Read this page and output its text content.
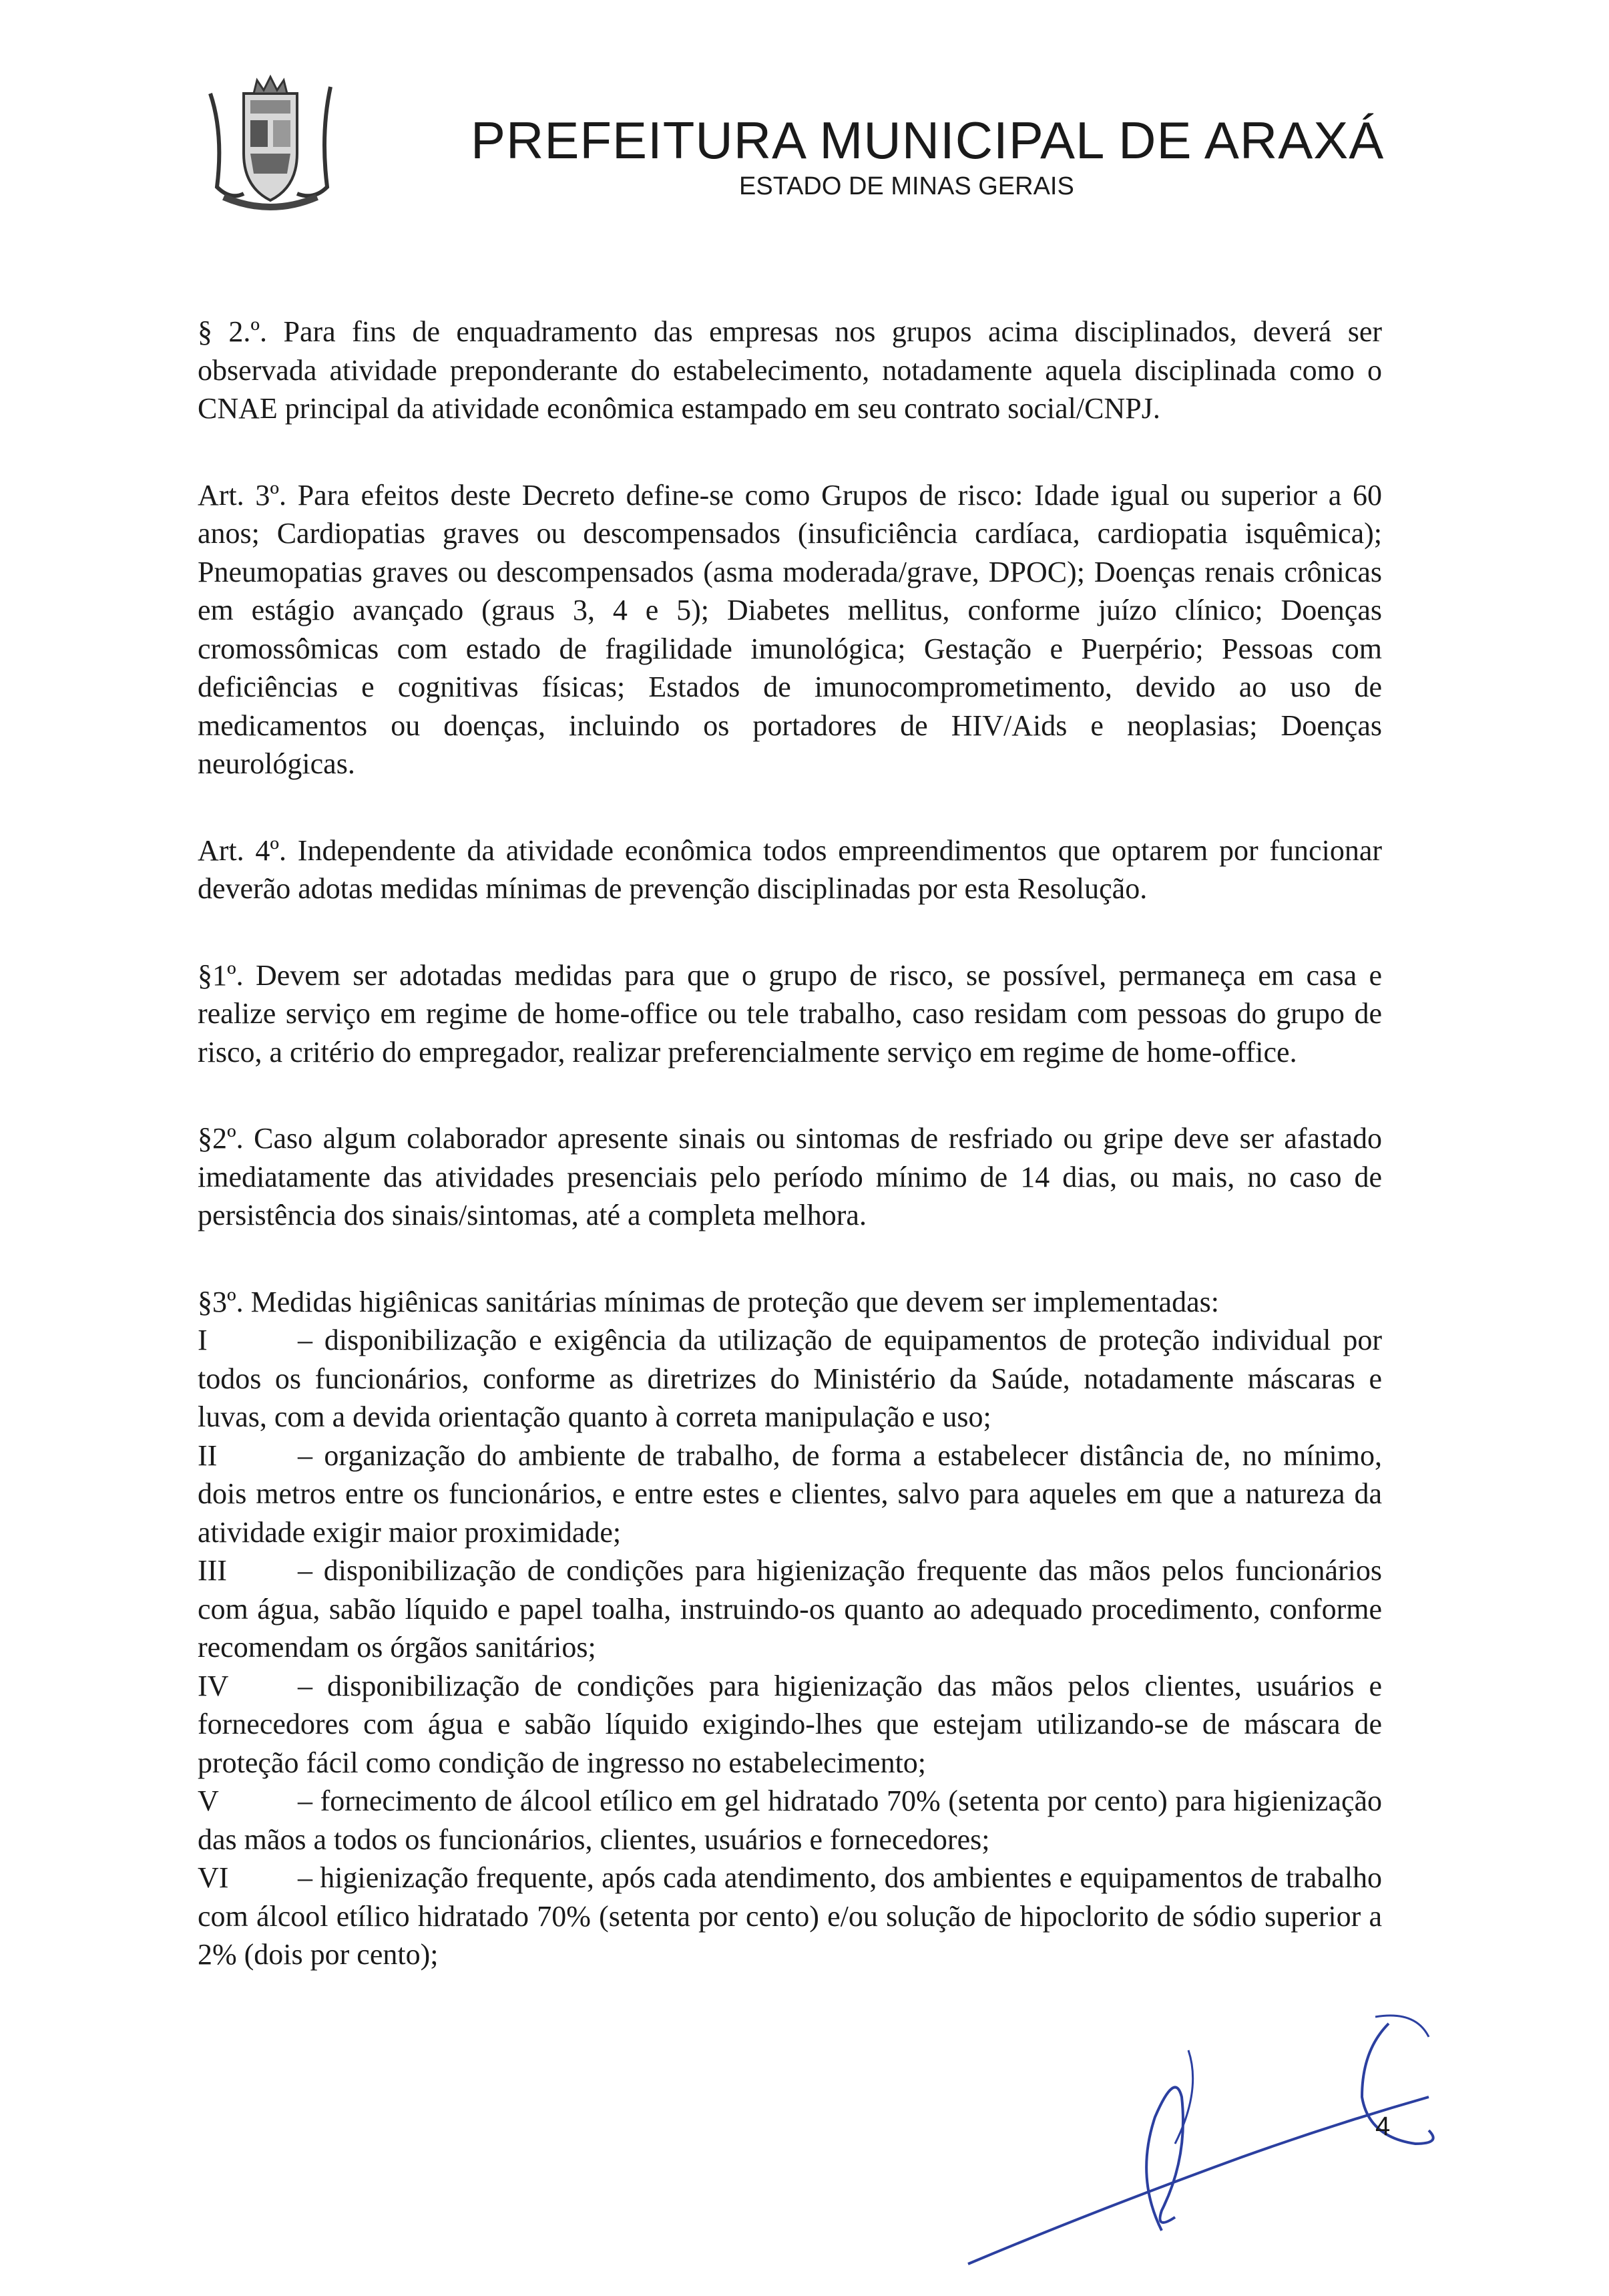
PREFEITURA MUNICIPAL DE ARAXÁ
ESTADO DE MINAS GERAIS

§ 2.º. Para fins de enquadramento das empresas nos grupos acima disciplinados, deverá ser observada atividade preponderante do estabelecimento, notadamente aquela disciplinada como o CNAE principal da atividade econômica estampado em seu contrato social/CNPJ.

Art. 3º. Para efeitos deste Decreto define-se como Grupos de risco: Idade igual ou superior a 60 anos; Cardiopatias graves ou descompensados (insuficiência cardíaca, cardiopatia isquêmica); Pneumopatias graves ou descompensados (asma moderada/grave, DPOC); Doenças renais crônicas em estágio avançado (graus 3, 4 e 5); Diabetes mellitus, conforme juízo clínico; Doenças cromossômicas com estado de fragilidade imunológica; Gestação e Puerpério; Pessoas com deficiências e cognitivas físicas; Estados de imunocomprometimento, devido ao uso de medicamentos ou doenças, incluindo os portadores de HIV/Aids e neoplasias; Doenças neurológicas.

Art. 4º. Independente da atividade econômica todos empreendimentos que optarem por funcionar deverão adotas medidas mínimas de prevenção disciplinadas por esta Resolução.

§1º. Devem ser adotadas medidas para que o grupo de risco, se possível, permaneça em casa e realize serviço em regime de home-office ou tele trabalho, caso residam com pessoas do grupo de risco, a critério do empregador, realizar preferencialmente serviço em regime de home-office.

§2º. Caso algum colaborador apresente sinais ou sintomas de resfriado ou gripe deve ser afastado imediatamente das atividades presenciais pelo período mínimo de 14 dias, ou mais, no caso de persistência dos sinais/sintomas, até a completa melhora.

§3º. Medidas higiênicas sanitárias mínimas de proteção que devem ser implementadas:

I	– disponibilização e exigência da utilização de equipamentos de proteção individual por todos os funcionários, conforme as diretrizes do Ministério da Saúde, notadamente máscaras e luvas, com a devida orientação quanto à correta manipulação e uso;
II	– organização do ambiente de trabalho, de forma a estabelecer distância de, no mínimo, dois metros entre os funcionários, e entre estes e clientes, salvo para aqueles em que a natureza da atividade exigir maior proximidade;
III – disponibilização de condições para higienização frequente das mãos pelos funcionários com água, sabão líquido e papel toalha, instruindo-os quanto ao adequado procedimento, conforme recomendam os órgãos sanitários;
IV – disponibilização de condições para higienização das mãos pelos clientes, usuários e fornecedores com água e sabão líquido exigindo-lhes que estejam utilizando-se de máscara de proteção fácil como condição de ingresso no estabelecimento;
V	– fornecimento de álcool etílico em gel hidratado 70% (setenta por cento) para higienização das mãos a todos os funcionários, clientes, usuários e fornecedores;
VI – higienização frequente, após cada atendimento, dos ambientes e equipamentos de trabalho com álcool etílico hidratado 70% (setenta por cento) e/ou solução de hipoclorito de sódio superior a 2% (dois por cento);
4
